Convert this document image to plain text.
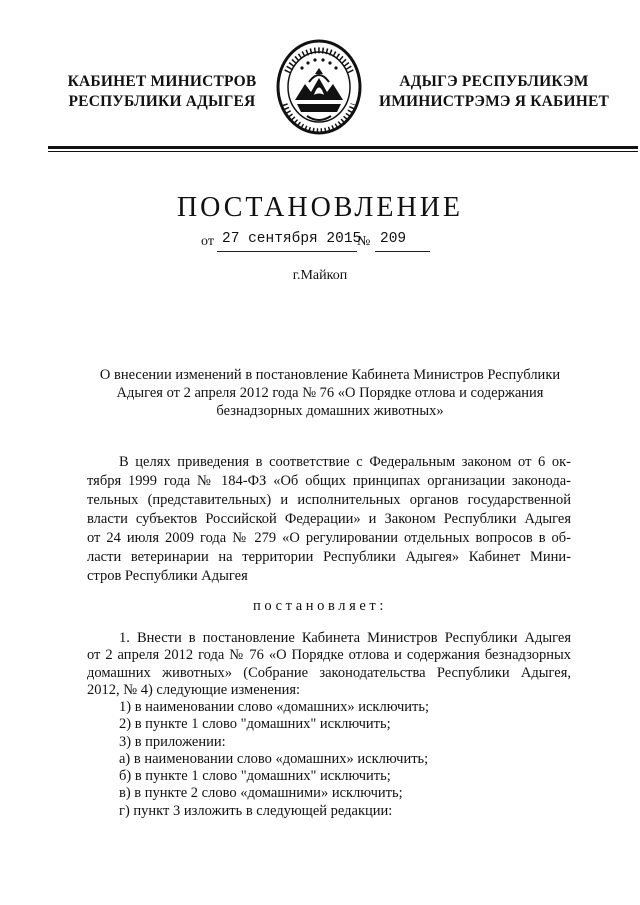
КАБИНЕТ МИНИСТРОВ
РЕСПУБЛИКИ АДЫГЕЯ
АДЫГЭ РЕСПУБЛИКЭМ
ИМИНИСТРЭМЭ Я КАБИНЕТ
ПОСТАНОВЛЕНИЕ
от 27 сентября 2015
№ 209
г.Майкоп
О внесении изменений в постановление Кабинета Министров Республики
Адыгея от 2 апреля 2012 года № 76 «О Порядке отлова и содержания
безнадзорных домашних животных»
В целях приведения в соответствие с Федеральным законом от 6 ок-
тября 1999 года № 184-ФЗ «Об общих принципах организации законода-
тельных (представительных) и исполнительных органов государственной
власти субъектов Российской Федерации» и Законом Республики Адыгея
от 24 июля 2009 года № 279 «О регулировании отдельных вопросов в об-
ласти ветеринарии на территории Республики Адыгея» Кабинет Мини-
стров Республики Адыгея
постановляет:
1. Внести в постановление Кабинета Министров Республики Адыгея
от 2 апреля 2012 года № 76 «О Порядке отлова и содержания безнадзорных
домашних животных» (Собрание законодательства Республики Адыгея,
2012, № 4) следующие изменения:
1) в наименовании слово «домашних» исключить;
2) в пункте 1 слово "домашних" исключить;
3) в приложении:
а) в наименовании слово «домашних» исключить;
б) в пункте 1 слово "домашних" исключить;
в) в пункте 2 слово «домашними» исключить;
г) пункт 3 изложить в следующей редакции:
